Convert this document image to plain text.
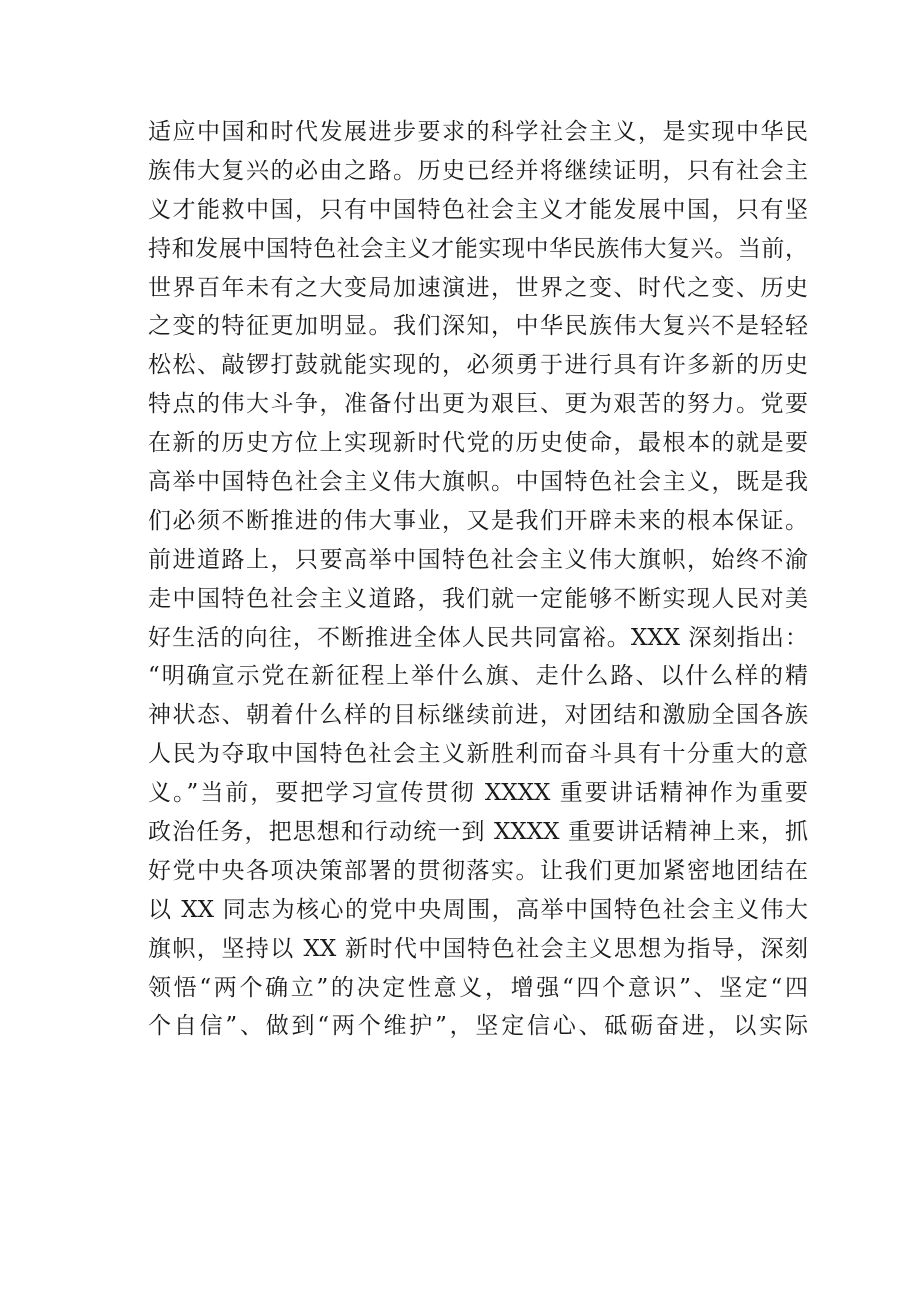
适应中国和时代发展进步要求的科学社会主义，是实现中华民
族伟大复兴的必由之路。历史已经并将继续证明，只有社会主
义才能救中国，只有中国特色社会主义才能发展中国，只有坚
持和发展中国特色社会主义才能实现中华民族伟大复兴。当前，
世界百年未有之大变局加速演进，世界之变、时代之变、历史
之变的特征更加明显。我们深知，中华民族伟大复兴不是轻轻
松松、敲锣打鼓就能实现的，必须勇于进行具有许多新的历史
特点的伟大斗争，准备付出更为艰巨、更为艰苦的努力。党要
在新的历史方位上实现新时代党的历史使命，最根本的就是要
高举中国特色社会主义伟大旗帜。中国特色社会主义，既是我
们必须不断推进的伟大事业，又是我们开辟未来的根本保证。
前进道路上，只要高举中国特色社会主义伟大旗帜，始终不渝
走中国特色社会主义道路，我们就一定能够不断实现人民对美
好生活的向往，不断推进全体人民共同富裕。XXX 深刻指出：
“明确宣示党在新征程上举什么旗、走什么路、以什么样的精
神状态、朝着什么样的目标继续前进，对团结和激励全国各族
人民为夺取中国特色社会主义新胜利而奋斗具有十分重大的意
义。”当前，要把学习宣传贯彻 XXXX 重要讲话精神作为重要
政治任务，把思想和行动统一到 XXXX 重要讲话精神上来，抓
好党中央各项决策部署的贯彻落实。让我们更加紧密地团结在
以 XX 同志为核心的党中央周围，高举中国特色社会主义伟大
旗帜，坚持以 XX 新时代中国特色社会主义思想为指导，深刻
领悟“两个确立”的决定性意义，增强“四个意识”、坚定“四
个自信”、做到“两个维护”，坚定信心、砥砺奋进，以实际
